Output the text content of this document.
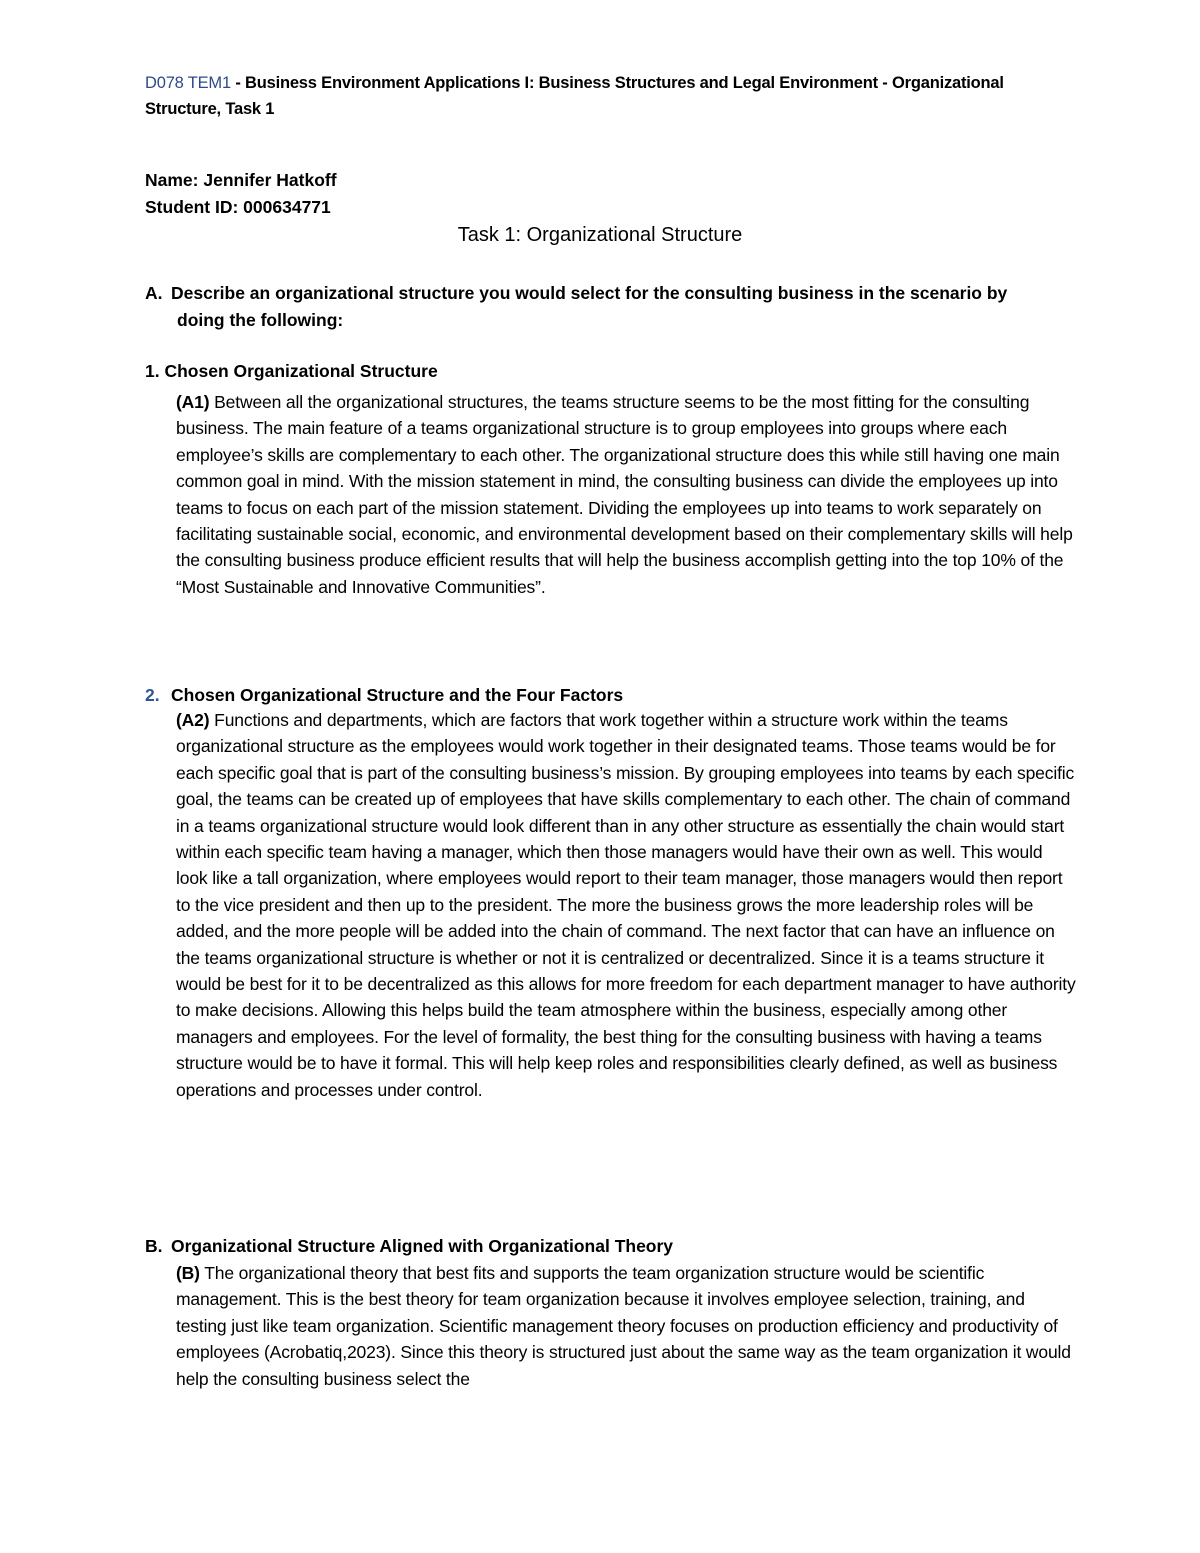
D078 TEM1 - Business Environment Applications I: Business Structures and Legal Environment - Organizational
Structure, Task 1
Name: Jennifer Hatkoff
Student ID: 000634771
Task 1: Organizational Structure
A. Describe an organizational structure you would select for the consulting business in the scenario by
doing the following:
1. Chosen Organizational Structure

(A1) Between all the organizational structures, the teams structure seems to be the most fitting for the consulting business. The main feature of a teams organizational structure is to group employees into groups where each employee’s skills are complementary to each other. The organizational structure does this while still having one main common goal in mind. With the mission statement in mind, the consulting business can divide the employees up into teams to focus on each part of the mission statement. Dividing the employees up into teams to work separately on facilitating sustainable social, economic, and environmental development based on their complementary skills will help the consulting business produce efficient results that will help the business accomplish getting into the top 10% of the “Most Sustainable and Innovative Communities”.

2. Chosen Organizational Structure and the Four Factors

(A2) Functions and departments, which are factors that work together within a structure work within the teams organizational structure as the employees would work together in their designated teams. Those teams would be for each specific goal that is part of the consulting business’s mission. By grouping employees into teams by each specific goal, the teams can be created up of employees that have skills complementary to each other. The chain of command in a teams organizational structure would look different than in any other structure as essentially the chain would start within each specific team having a manager, which then those managers would have their own as well. This would look like a tall organization, where employees would report to their team manager, those managers would then report to the vice president and then up to the president. The more the business grows the more leadership roles will be added, and the more people will be added into the chain of command. The next factor that can have an influence on the teams organizational structure is whether or not it is centralized or decentralized. Since it is a teams structure it would be best for it to be decentralized as this allows for more freedom for each department manager to have authority to make decisions. Allowing this helps build the team atmosphere within the business, especially among other managers and employees. For the level of formality, the best thing for the consulting business with having a teams structure would be to have it formal. This will help keep roles and responsibilities clearly defined, as well as business operations and processes under control.

B. Organizational Structure Aligned with Organizational Theory

(B) The organizational theory that best fits and supports the team organization structure would be scientific management. This is the best theory for team organization because it involves employee selection, training, and testing just like team organization. Scientific management theory focuses on production efficiency and productivity of employees (Acrobatiq,2023). Since this theory is structured just about the same way as the team organization it would help the consulting business select the
